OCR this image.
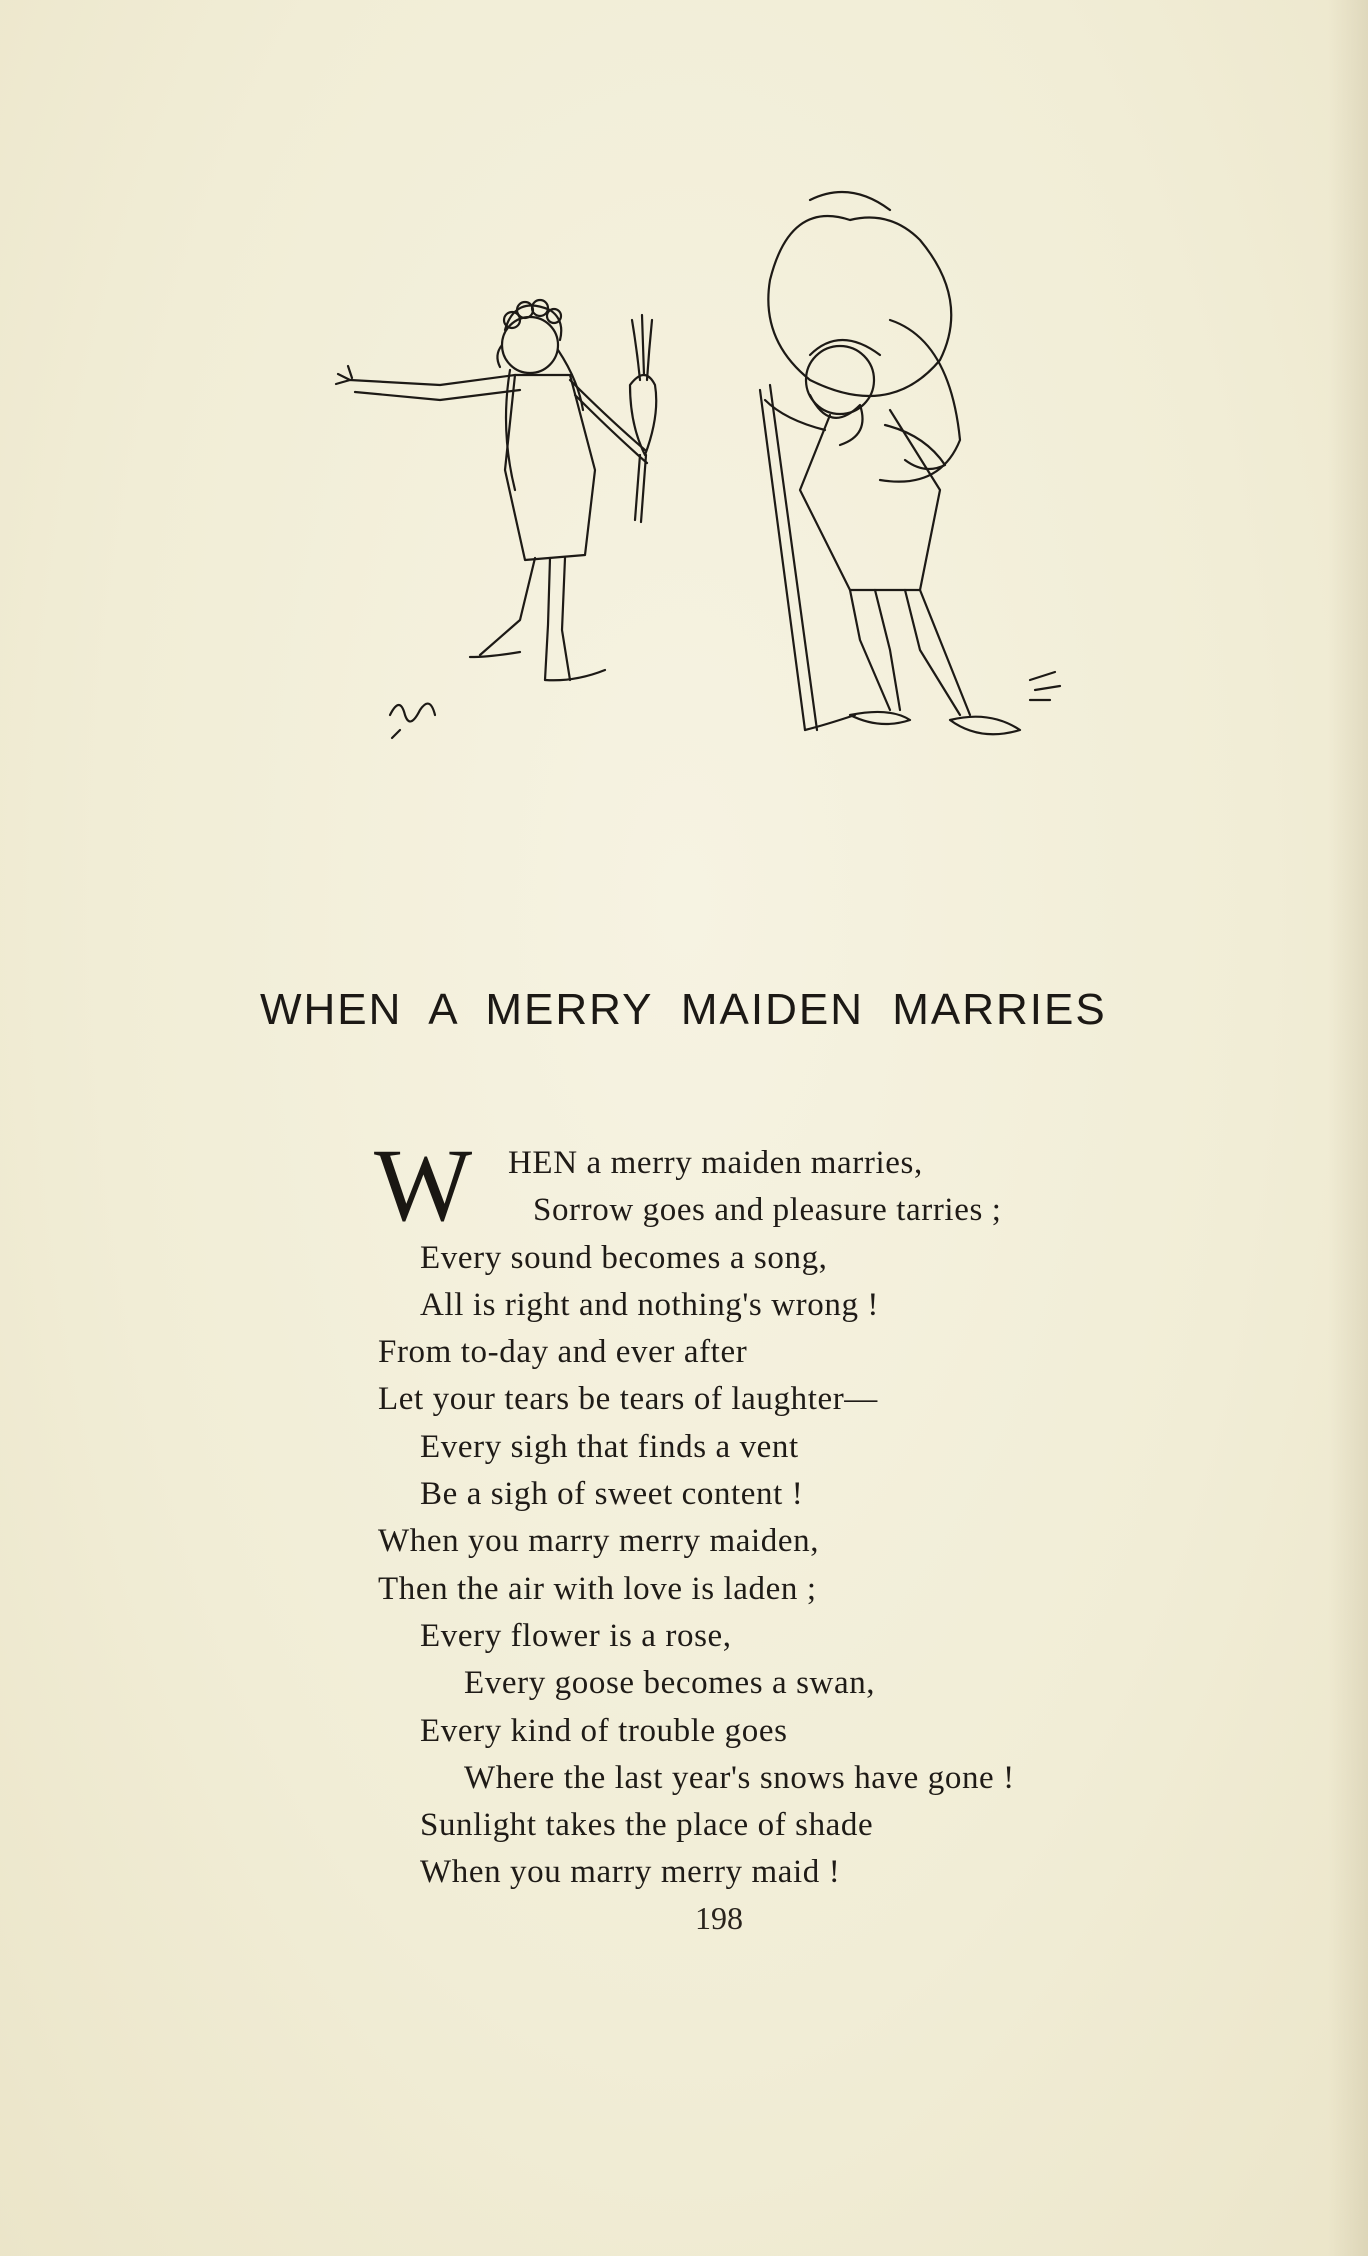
WHEN A MERRY MAIDEN MARRIES
W HEN a merry maiden marries,
Sorrow goes and pleasure tarries ;
Every sound becomes a song,
All is right and nothing's wrong !
From to-day and ever after
Let your tears be tears of laughter—
Every sigh that finds a vent
Be a sigh of sweet content !
When you marry merry maiden,
Then the air with love is laden ;
Every flower is a rose,
Every goose becomes a swan,
Every kind of trouble goes
Where the last year's snows have gone !
Sunlight takes the place of shade
When you marry merry maid !
198
